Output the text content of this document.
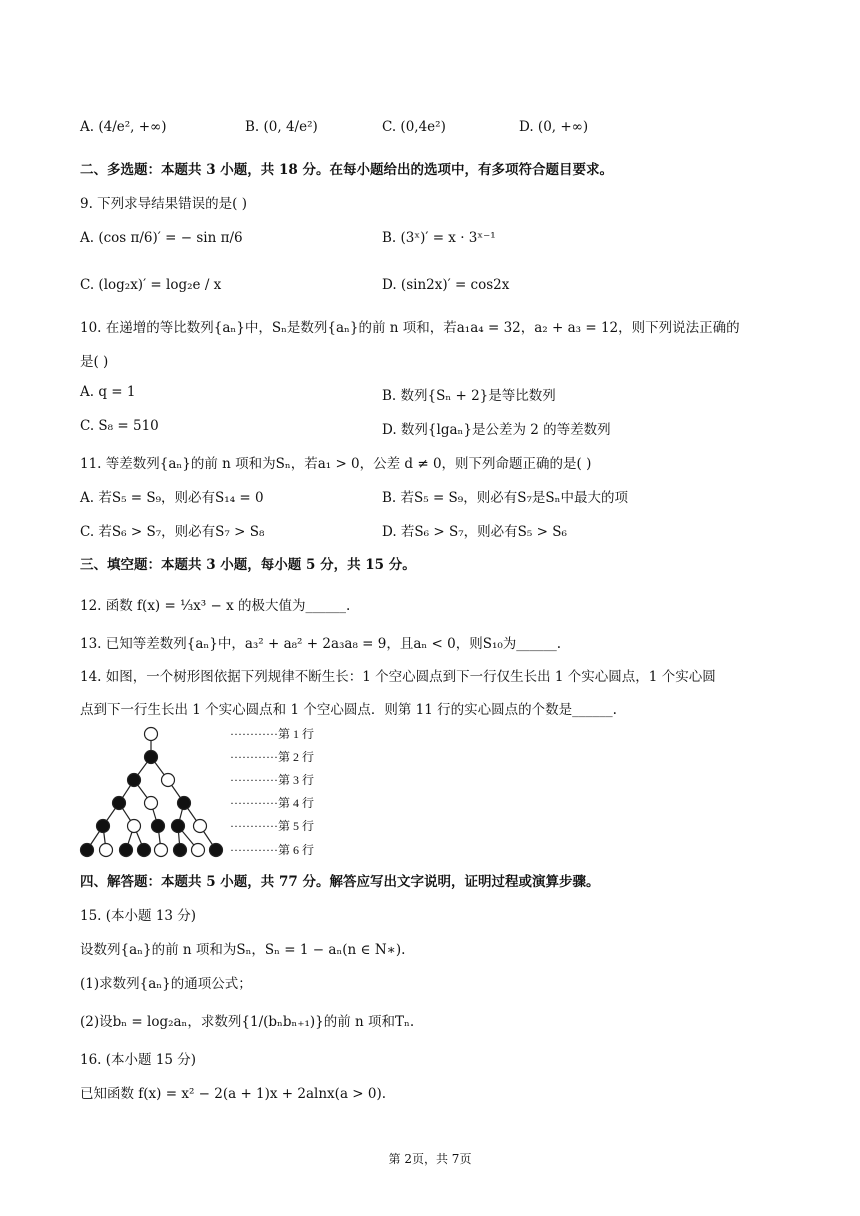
A. (4/e², +∞)	B. (0, 4/e²)	C. (0,4e²)	D. (0, +∞)
二、多选题：本题共 3 小题，共 18 分。在每小题给出的选项中，有多项符合题目要求。
9. 下列求导结果错误的是( )
A. (cos π/6)′ = − sin π/6	B. (3ˣ)′ = x · 3ˣ⁻¹
C. (log₂x)′ = log₂e / x	D. (sin2x)′ = cos2x
10. 在递增的等比数列{aₙ}中，Sₙ是数列{aₙ}的前 n 项和，若a₁a₄ = 32，a₂ + a₃ = 12，则下列说法正确的
是( )
A. q = 1	B. 数列{Sₙ + 2}是等比数列
C. S₈ = 510	D. 数列{lgaₙ}是公差为 2 的等差数列
11. 等差数列{aₙ}的前 n 项和为Sₙ，若a₁ > 0，公差 d ≠ 0，则下列命题正确的是( )
A. 若S₅ = S₉，则必有S₁₄ = 0	B. 若S₅ = S₉，则必有S₇是Sₙ中最大的项
C. 若S₆ > S₇，则必有S₇ > S₈	D. 若S₆ > S₇，则必有S₅ > S₆
三、填空题：本题共 3 小题，每小题 5 分，共 15 分。
12. 函数 f(x) = ⅓x³ − x 的极大值为______.
13. 已知等差数列{aₙ}中，a₃² + a₈² + 2a₃a₈ = 9，且aₙ < 0，则S₁₀为______.
14. 如图，一个树形图依据下列规律不断生长：1 个空心圆点到下一行仅生长出 1 个实心圆点，1 个实心圆
点到下一行生长出 1 个实心圆点和 1 个空心圆点．则第 11 行的实心圆点的个数是______.
············第 1 行
············第 2 行
············第 3 行
············第 4 行
············第 5 行
············第 6 行
四、解答题：本题共 5 小题，共 77 分。解答应写出文字说明，证明过程或演算步骤。
15. (本小题 13 分)
设数列{aₙ}的前 n 项和为Sₙ，Sₙ = 1 − aₙ(n ∈ N∗).
(1)求数列{aₙ}的通项公式；
(2)设bₙ = log₂aₙ，求数列{1/(bₙbₙ₊₁)}的前 n 项和Tₙ.
16. (本小题 15 分)
已知函数 f(x) = x² − 2(a + 1)x + 2alnx(a > 0).
第 2页，共 7页
